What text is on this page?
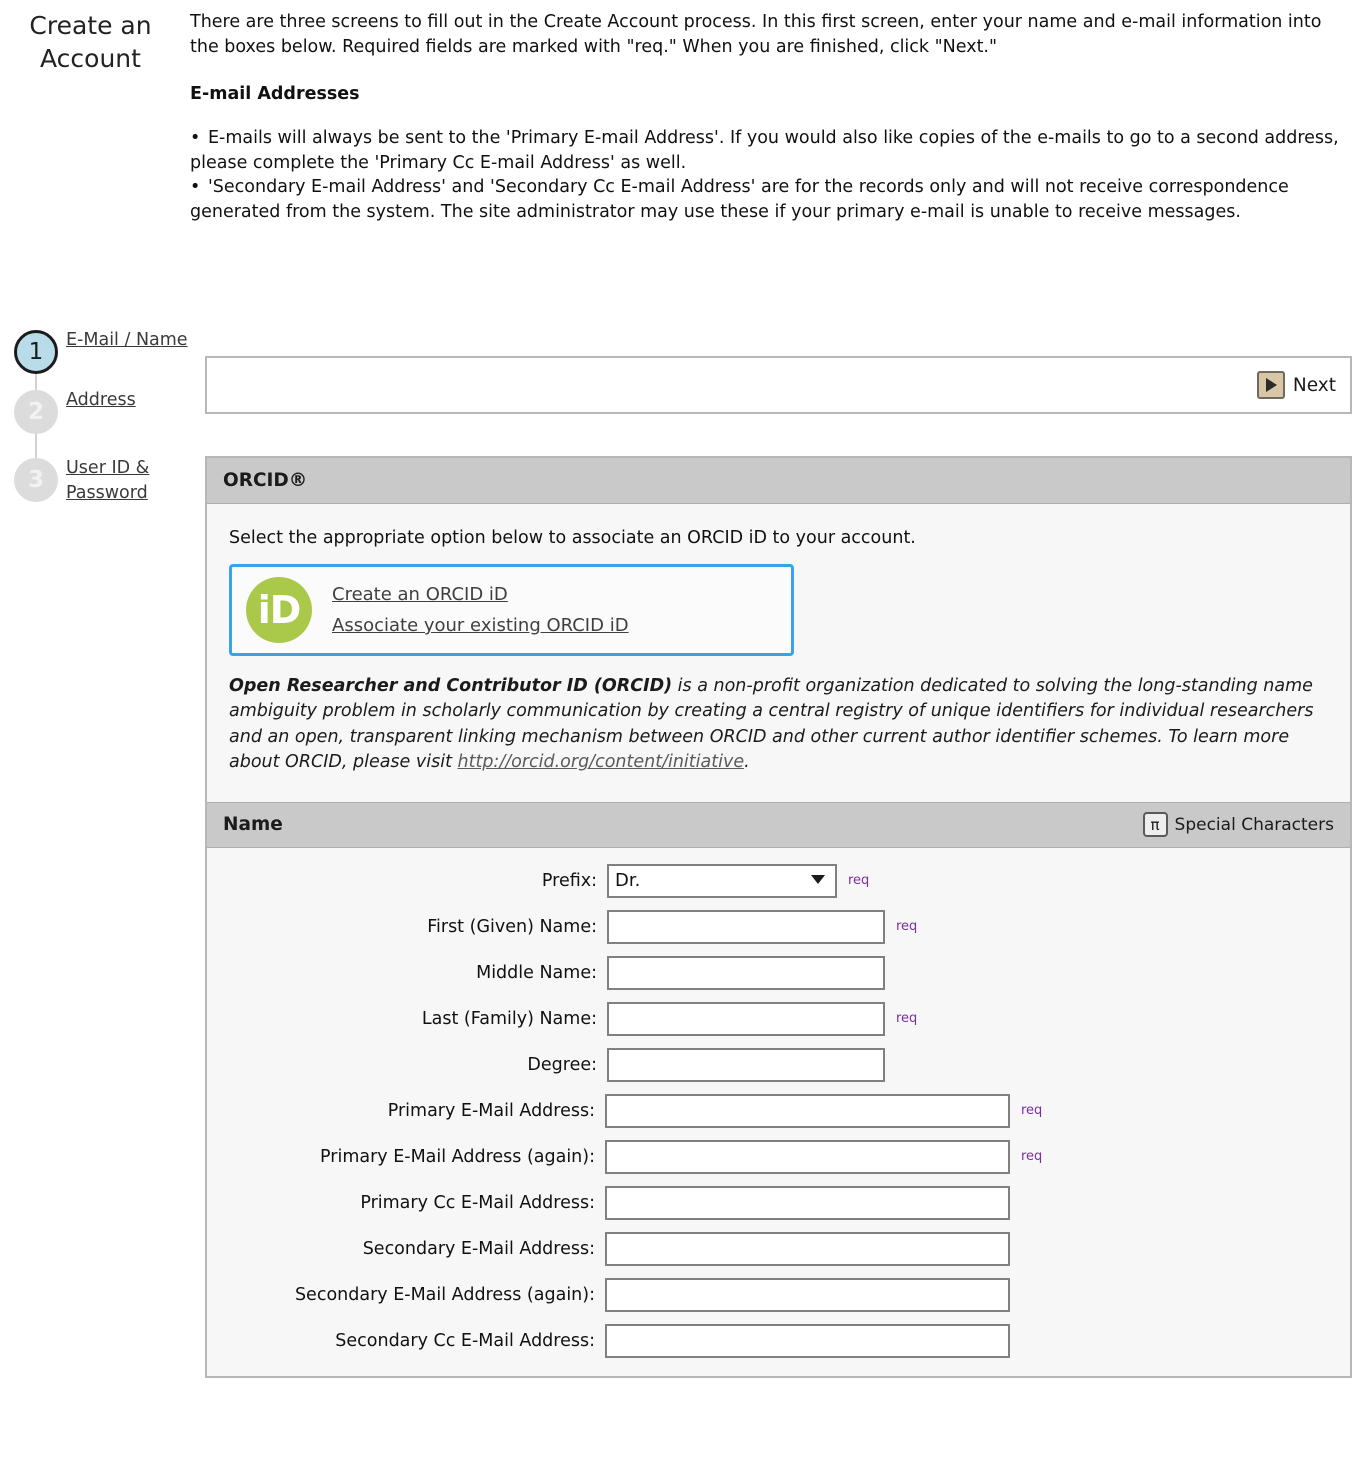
Create an Account

There are three screens to fill out in the Create Account process. In this first screen, enter your name and e-mail information into the boxes below. Required fields are marked with "req." When you are finished, click "Next."

E-mail Addresses

• E-mails will always be sent to the 'Primary E-mail Address'. If you would also like copies of the e-mails to go to a second address, please complete the 'Primary Cc E-mail Address' as well.

• 'Secondary E-mail Address' and 'Secondary Cc E-mail Address' are for the records only and will not receive correspondence generated from the system. The site administrator may use these if your primary e-mail is unable to receive messages.

1	E-Mail / Name
2	Address
3	User ID & Password
Next
ORCID®
Select the appropriate option below to associate an ORCID iD to your account.
iD Create an ORCID iD
Associate your existing ORCID iD
Open Researcher and Contributor ID (ORCID) is a non-profit organization dedicated to solving the long-standing name ambiguity problem in scholarly communication by creating a central registry of unique identifiers for individual researchers and an open, transparent linking mechanism between ORCID and other current author identifier schemes. To learn more about ORCID, please visit http://orcid.org/content/initiative.
Name	π Special Characters
Prefix:
Dr.	req
First (Given) Name:	req
Middle Name:
Last (Family) Name:	req
Degree:
Primary E-Mail Address:	req
Primary E-Mail Address (again):	req
Primary Cc E-Mail Address:
Secondary E-Mail Address:
Secondary E-Mail Address (again):
Secondary Cc E-Mail Address:
